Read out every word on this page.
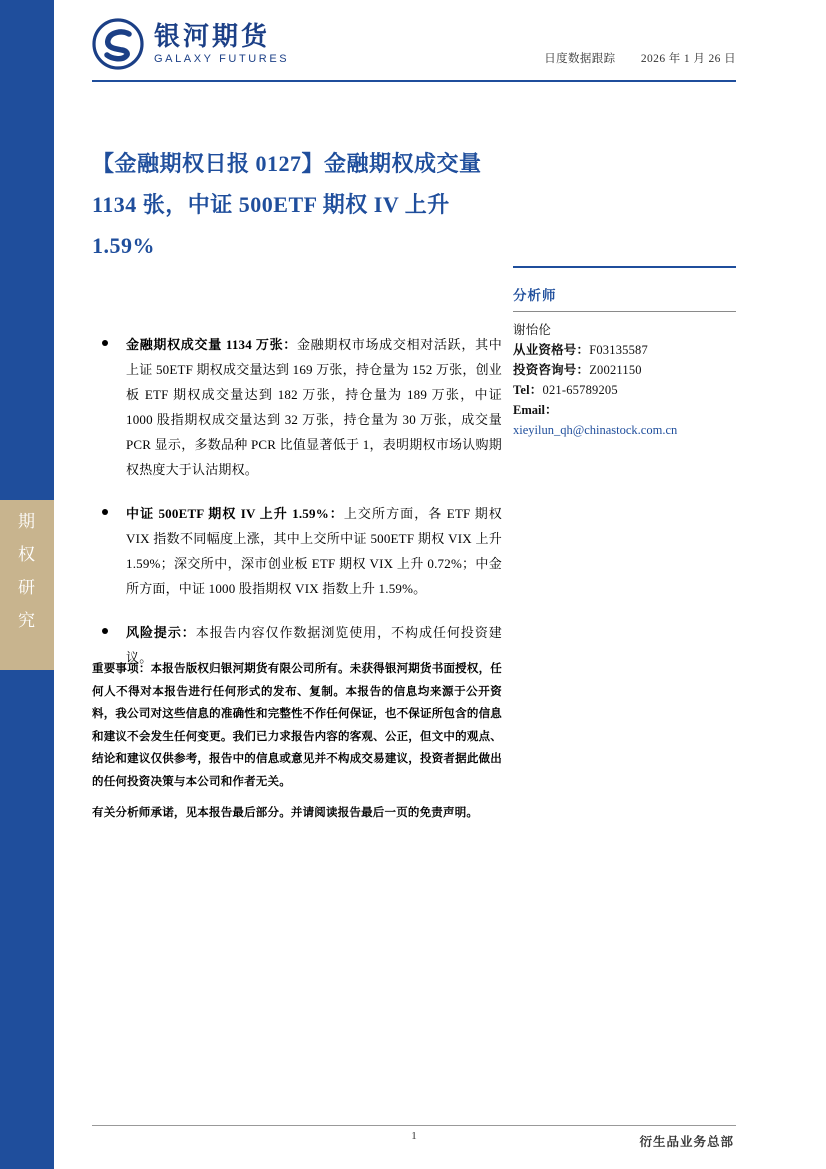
期
权
研
究
银河期货
GALAXY FUTURES	日度数据跟踪 2026 年 1 月 26 日
【金融期权日报 0127】金融期权成交量 1134 张，中证 500ETF 期权 IV 上升 1.59%
分析师
谢怡伦
从业资格号：F03135587
投资咨询号：Z0021150
Tel：021-65789205
Email：
xieyilun_qh@chinastock.com.cn
金融期权成交量 1134 万张：金融期权市场成交相对活跃，其中上证 50ETF 期权成交量达到 169 万张，持仓量为 152 万张，创业板 ETF 期权成交量达到 182 万张，持仓量为 189 万张，中证 1000 股指期权成交量达到 32 万张，持仓量为 30 万张，成交量 PCR 显示，多数品种 PCR 比值显著低于 1，表明期权市场认购期权热度大于认沽期权。
中证 500ETF 期权 IV 上升 1.59%：上交所方面，各 ETF 期权 VIX 指数不同幅度上涨，其中上交所中证 500ETF 期权 VIX 上升 1.59%；深交所中，深市创业板 ETF 期权 VIX 上升 0.72%；中金所方面，中证 1000 股指期权 VIX 指数上升 1.59%。
风险提示：本报告内容仅作数据浏览使用，不构成任何投资建议。

重要事项：本报告版权归银河期货有限公司所有。未获得银河期货书面授权，任何人不得对本报告进行任何形式的发布、复制。本报告的信息均来源于公开资料，我公司对这些信息的准确性和完整性不作任何保证，也不保证所包含的信息和建议不会发生任何变更。我们已力求报告内容的客观、公正，但文中的观点、结论和建议仅供参考，报告中的信息或意见并不构成交易建议，投资者据此做出的任何投资决策与本公司和作者无关。

有关分析师承诺，见本报告最后部分。并请阅读报告最后一页的免责声明。

1	衍生品业务总部
